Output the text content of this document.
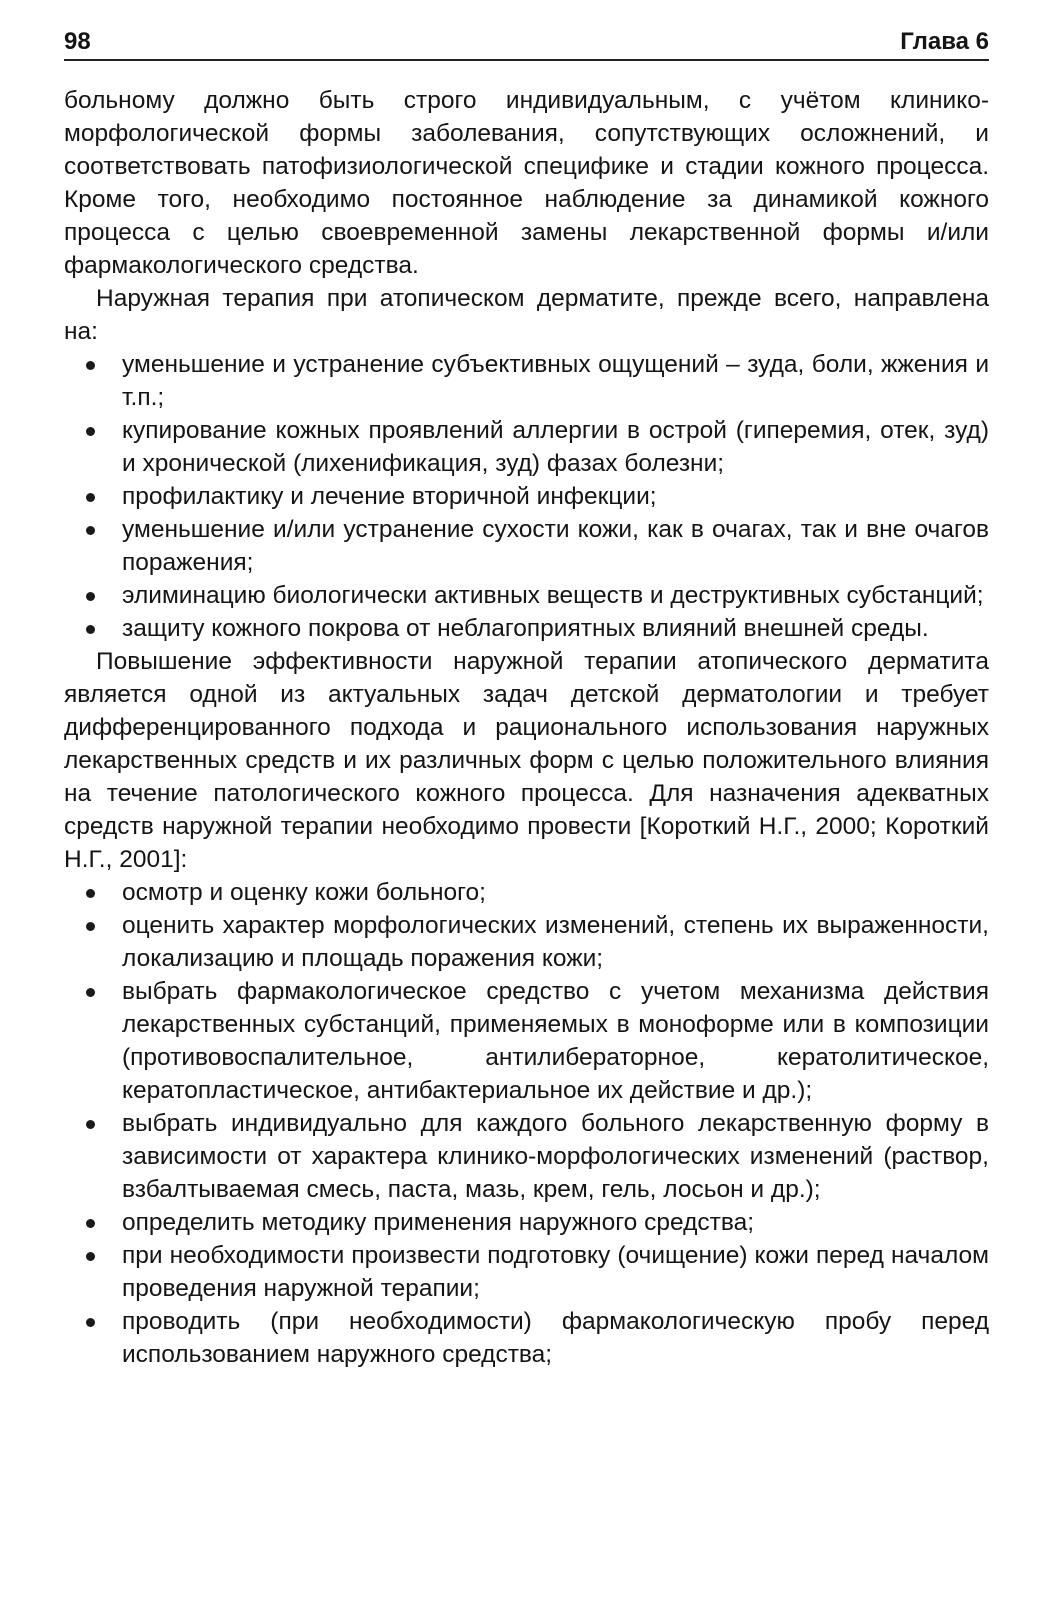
98	Глава 6

больному должно быть строго индивидуальным, с учётом клинико-морфологической формы заболевания, сопутствующих осложнений, и соответствовать патофизиологической специфике и стадии кожного процесса. Кроме того, необходимо постоянное наблюдение за динамикой кожного процесса с целью своевременной замены лекарственной формы и/или фармакологического средства.

Наружная терапия при атопическом дерматите, прежде всего, направлена на:

уменьшение и устранение субъективных ощущений – зуда, боли, жжения и т.п.;
купирование кожных проявлений аллергии в острой (гиперемия, отек, зуд) и хронической (лихенификация, зуд) фазах болезни;
профилактику и лечение вторичной инфекции;
уменьшение и/или устранение сухости кожи, как в очагах, так и вне очагов поражения;
элиминацию биологически активных веществ и деструктивных субстанций;
защиту кожного покрова от неблагоприятных влияний внешней среды.

Повышение эффективности наружной терапии атопического дерматита является одной из актуальных задач детской дерматологии и требует дифференцированного подхода и рационального использования наружных лекарственных средств и их различных форм с целью положительного влияния на течение патологического кожного процесса. Для назначения адекватных средств наружной терапии необходимо провести [Короткий Н.Г., 2000; Короткий Н.Г., 2001]:

осмотр и оценку кожи больного;
оценить характер морфологических изменений, степень их выраженности, локализацию и площадь поражения кожи;
выбрать фармакологическое средство с учетом механизма действия лекарственных субстанций, применяемых в моноформе или в композиции (противовоспалительное, антилибераторное, кератолитическое, кератопластическое, антибактериальное их действие и др.);
выбрать индивидуально для каждого больного лекарственную форму в зависимости от характера клинико-морфологических изменений (раствор, взбалтываемая смесь, паста, мазь, крем, гель, лосьон и др.);
определить методику применения наружного средства;
при необходимости произвести подготовку (очищение) кожи перед началом проведения наружной терапии;
проводить (при необходимости) фармакологическую пробу перед использованием наружного средства;
